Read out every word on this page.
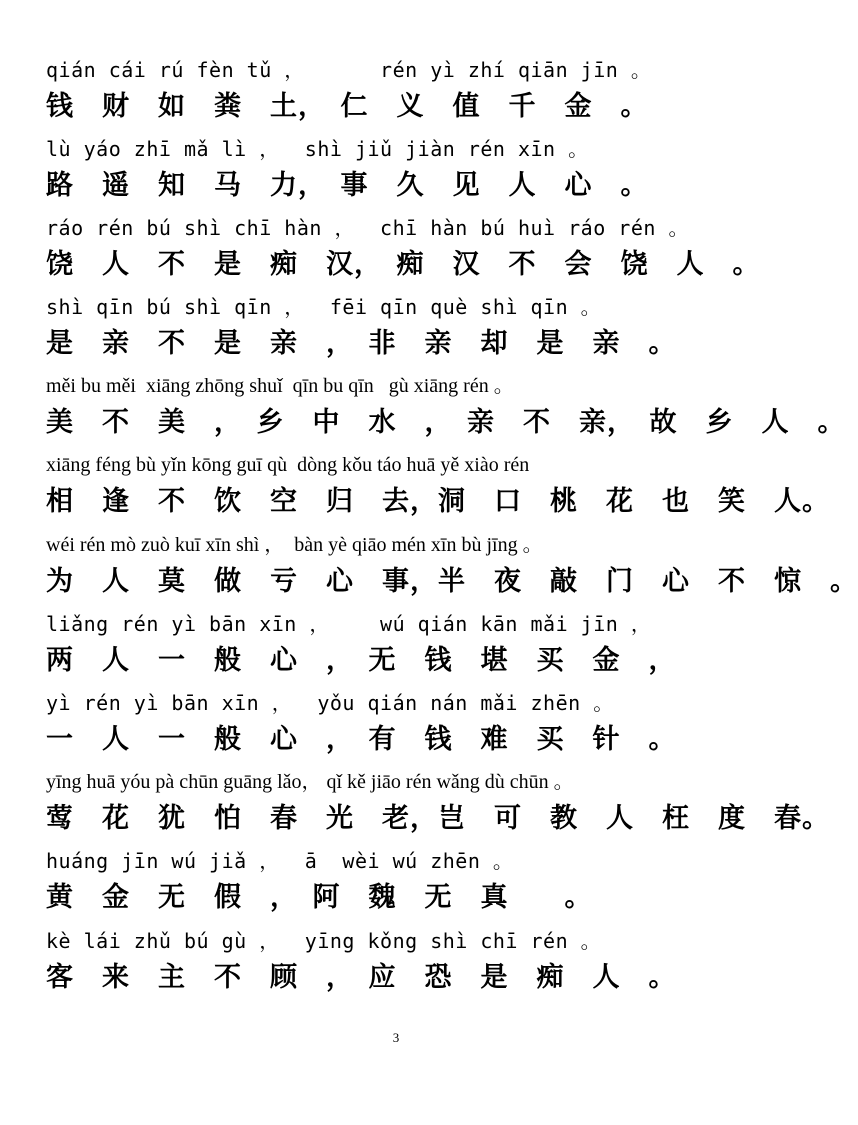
qián cái rú fèn tǔ ，      rén yì zhí qiān jīn 。
钱　财　如　粪　土，　仁　义　值　千　金　。
lù yáo zhī mǎ lì ，  shì jiǔ jiàn rén xīn 。
路　遥　知　马　力，　事　久　见　人　心　。
ráo rén bú shì chī hàn ，  chī hàn bú huì ráo rén 。
饶　人　不　是　痴　汉，　痴　汉　不　会　饶　人　。
shì qīn bú shì qīn ，  fēi qīn què shì qīn 。
是　亲　不　是　亲　，　非　亲　却　是　亲　。
měi bu měi  xiāng zhōng shuǐ  qīn bu qīn   gù xiāng rén 。
美　不　美　，　乡　中　水　，　亲　不　亲，　故　乡　人　。
xiāng féng bù yǐn kōng guī qù  dòng kǒu táo huā yě xiào rén
相　逢　不　饮　空　归　去，洞　口　桃　花　也　笑　人。
wéi rén mò zuò kuī xīn shì ，  bàn yè qiāo mén xīn bù jīng 。
为　人　莫　做　亏　心　事，半　夜　敲　门　心　不　惊　。
liǎng rén yì bān xīn ，    wú qián kān mǎi jīn ，
两　人　一　般　心　，　无　钱　堪　买　金　，
yì rén yì bān xīn ，  yǒu qián nán mǎi zhēn 。
一　人　一　般　心　，　有　钱　难　买　针　。
yīng huā yóu pà chūn guāng lǎo， qǐ kě jiāo rén wǎng dù chūn 。
莺　花　犹　怕　春　光　老，岂　可　教　人　枉　度　春。
huáng jīn wú jiǎ ，  ā  wèi wú zhēn 。
黄　金　无　假　，　阿　魏　无　真　　。
kè lái zhǔ bú gù ，  yīng kǒng shì chī rén 。
客　来　主　不　顾　，　应　恐　是　痴　人　。
3
